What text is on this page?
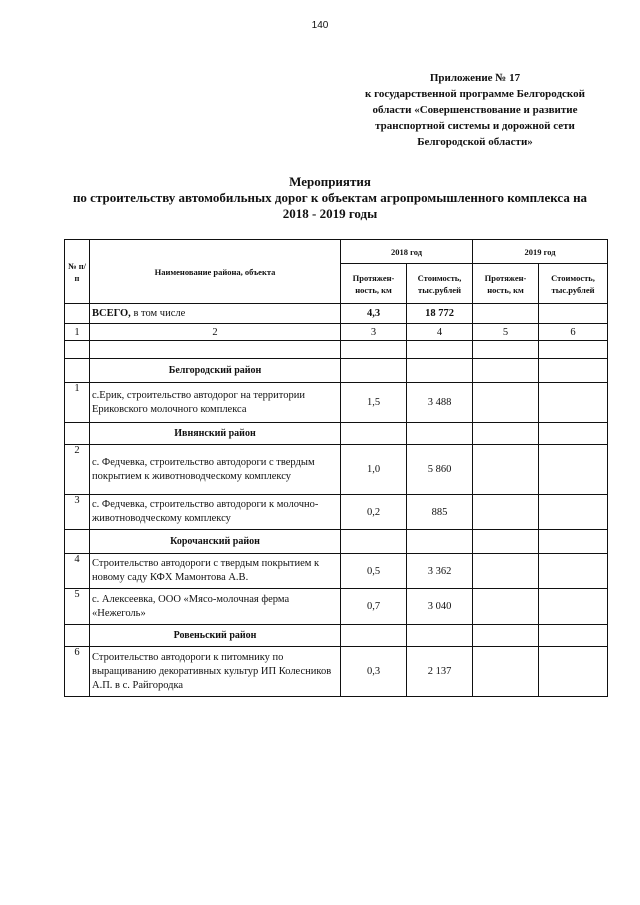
140
Приложение № 17
к государственной программе Белгородской
области «Совершенствование и развитие
транспортной системы и дорожной сети
Белгородской области»
Мероприятия
по строительству автомобильных дорог к объектам агропромышленного комплекса на
2018 - 2019 годы
№ п/п	Наименование района, объекта	2018 год		2019 год	
		Протяжен-ность, км	Стоимость, тыс.рублей	Протяжен-ность, км	Стоимость, тыс.рублей
	ВСЕГО, в том числе	4,3	18 772		
1	2	3	4	5	6

	Белгородский район				
1	с.Ерик, строительство автодорог на территории Ериковского молочного комплекса	1,5	3 488		
	Ивнянский район				
2	с. Федчевка, строительство автодороги с твердым покрытием к животноводческому комплексу	1,0	5 860		
3	с. Федчевка, строительство автодороги к молочно-животноводческому комплексу	0,2	885		
	Корочанский район				
4	Строительство автодороги с твердым покрытием к новому саду КФХ Мамонтова А.В.	0,5	3 362		
5	с. Алексеевка, ООО «Мясо-молочная ферма «Нежеголь»	0,7	3 040		
	Ровеньский район				
6	Строительство автодороги к питомнику по выращиванию декоративных культур ИП Колесников А.П. в с. Райгородка	0,3	2 137		
